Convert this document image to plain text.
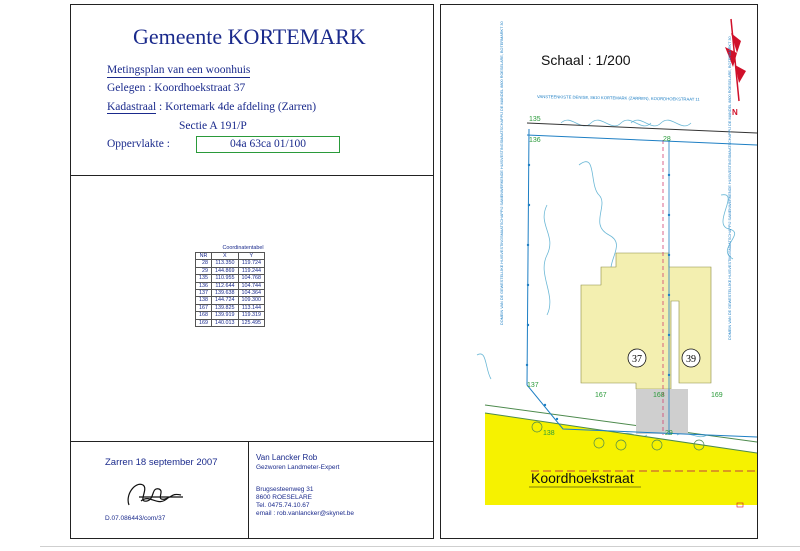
Gemeente KORTEMARK
Metingsplan van een woonhuis
Gelegen : Koordhoekstraat 37
Kadastraal : Kortemark 4de afdeling (Zarren)
Sectie A 191/P
Oppervlakte :	04a 63ca 01/100
Coordinatentabel
NR	X	Y
28	113.350	119.724
29	144.869	119.244
135	110.955	104.768
136	112.644	104.744
137	139.638	104.364
138	144.724	109.300
167	139.825	113.144
168	139.919	119.319
169	140.013	125.495
Zarren 18 september 2007
D.07.086443/com/37
Van Lancker Rob
Gezworen Landmeter-Expert
Brugsesteenweg 31
8600 ROESELARE
Tel. 0475.74.10.67
email : rob.vanlancker@skynet.be
Schaal : 1/200
N
VANSTEENKISTE DENISE, 8610 KORTEMARK (ZARREN), KOORDHOEKSTRAAT 11
Koordhoekstraat
DOMEIN VAN DE GEWESTELIJKE HUISVESTINGSMAATSCHAPPIJ SAMENWERKENDE HUISVESTINGSMAATSCHAPPIJ DE MANDEL 8800 ROESELARE, BOTERMARKT 30	DOMEIN VAN DE GEWESTELIJKE HUISVESTINGSMAATSCHAPPIJ SAMENWERKENDE HUISVESTINGSMAATSCHAPPIJ DE MANDEL 8800 ROESELARE, BOTERMARKT 30
37	39
135
136	28
137
167	168	169
138	29
